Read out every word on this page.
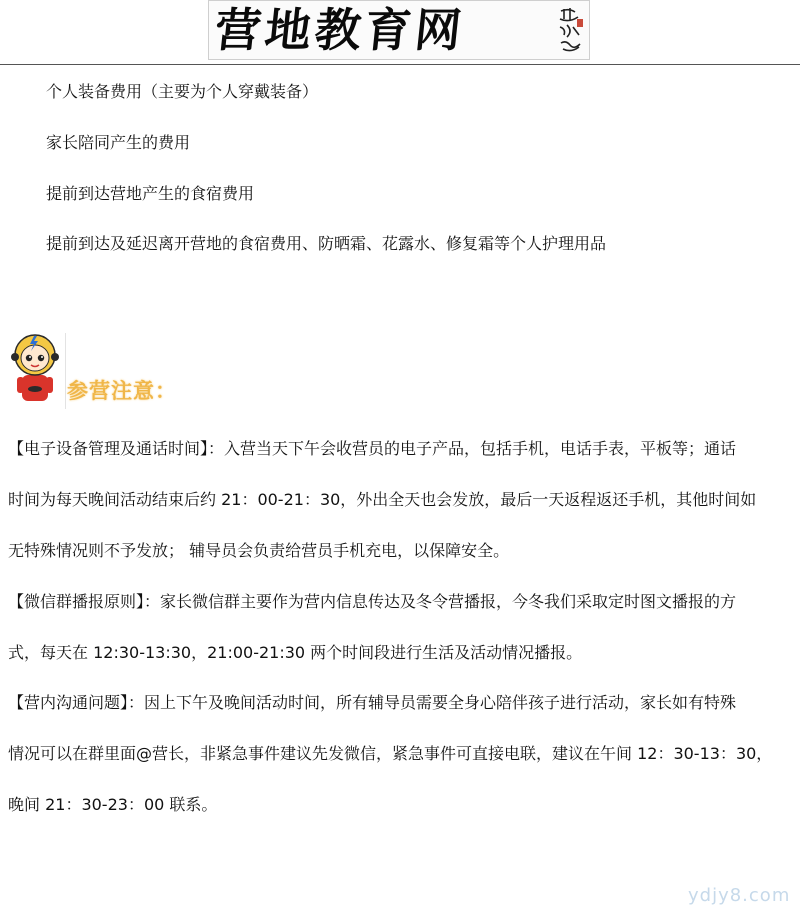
营地教育网
个人装备费用（主要为个人穿戴装备）
家长陪同产生的费用
提前到达营地产生的食宿费用
提前到达及延迟离开营地的食宿费用、防晒霜、花露水、修复霜等个人护理用品
参营注意：
【电子设备管理及通话时间】：入营当天下午会收营员的电子产品，包括手机，电话手表，平板等；通话
时间为每天晚间活动结束后约 21：00-21：30，外出全天也会发放，最后一天返程返还手机，其他时间如
无特殊情况则不予发放； 辅导员会负责给营员手机充电，以保障安全。
【微信群播报原则】：家长微信群主要作为营内信息传达及冬令营播报，今冬我们采取定时图文播报的方
式，每天在 12:30-13:30，21:00-21:30 两个时间段进行生活及活动情况播报。
【营内沟通问题】：因上下午及晚间活动时间，所有辅导员需要全身心陪伴孩子进行活动，家长如有特殊
情况可以在群里面@营长，非紧急事件建议先发微信，紧急事件可直接电联，建议在午间 12：30-13：30，
晚间 21：30-23：00 联系。
ydjy8.com
